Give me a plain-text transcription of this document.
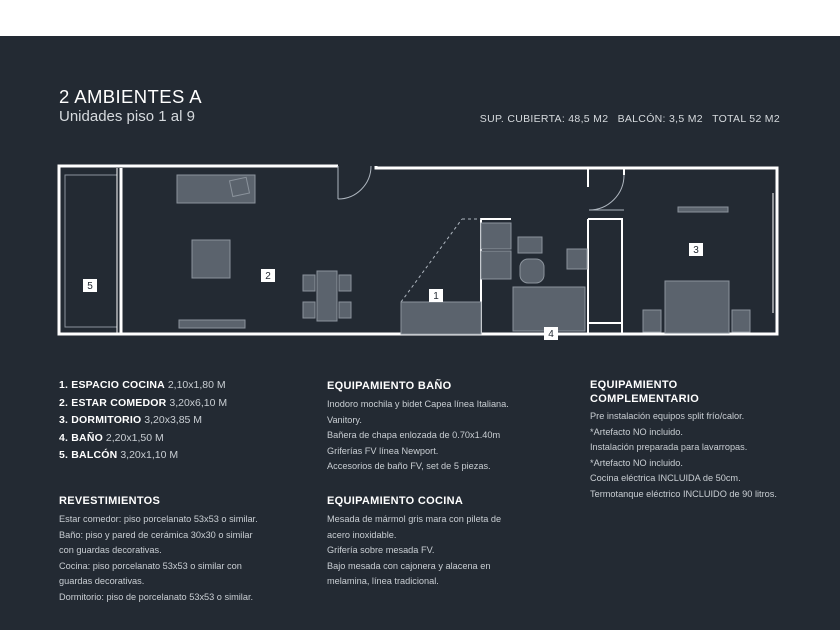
2 AMBIENTES A
Unidades piso 1 al 9	SUP. CUBIERTA: 48,5 M2 BALCÓN: 3,5 M2 TOTAL 52 M2
5
2
1
3
4
1. ESPACIO COCINA 2,10x1,80 M
2. ESTAR COMEDOR 3,20x6,10 M
3. DORMITORIO 3,20x3,85 M
4. BAÑO 2,20x1,50 M
5. BALCÓN 3,20x1,10 M
REVESTIMIENTOS
Estar comedor: piso porcelanato 53x53 o similar.
Baño: piso y pared de cerámica 30x30 o similar
con guardas decorativas.
Cocina: piso porcelanato 53x53 o similar con
guardas decorativas.
Dormitorio: piso de porcelanato 53x53 o similar.
EQUIPAMIENTO BAÑO
Inodoro mochila y bidet Capea línea Italiana.
Vanitory.
Bañera de chapa enlozada de 0.70x1.40m
Griferías FV línea Newport.
Accesorios de baño FV, set de 5 piezas.
EQUIPAMIENTO COCINA
Mesada de mármol gris mara con pileta de
acero inoxidable.
Grifería sobre mesada FV.
Bajo mesada con cajonera y alacena en
melamina, línea tradicional.
EQUIPAMIENTO
COMPLEMENTARIO
Pre instalación equipos split frío/calor.
*Artefacto NO incluido.
Instalación preparada para lavarropas.
*Artefacto NO incluido.
Cocina eléctrica INCLUIDA de 50cm.
Termotanque eléctrico INCLUIDO de 90 litros.
